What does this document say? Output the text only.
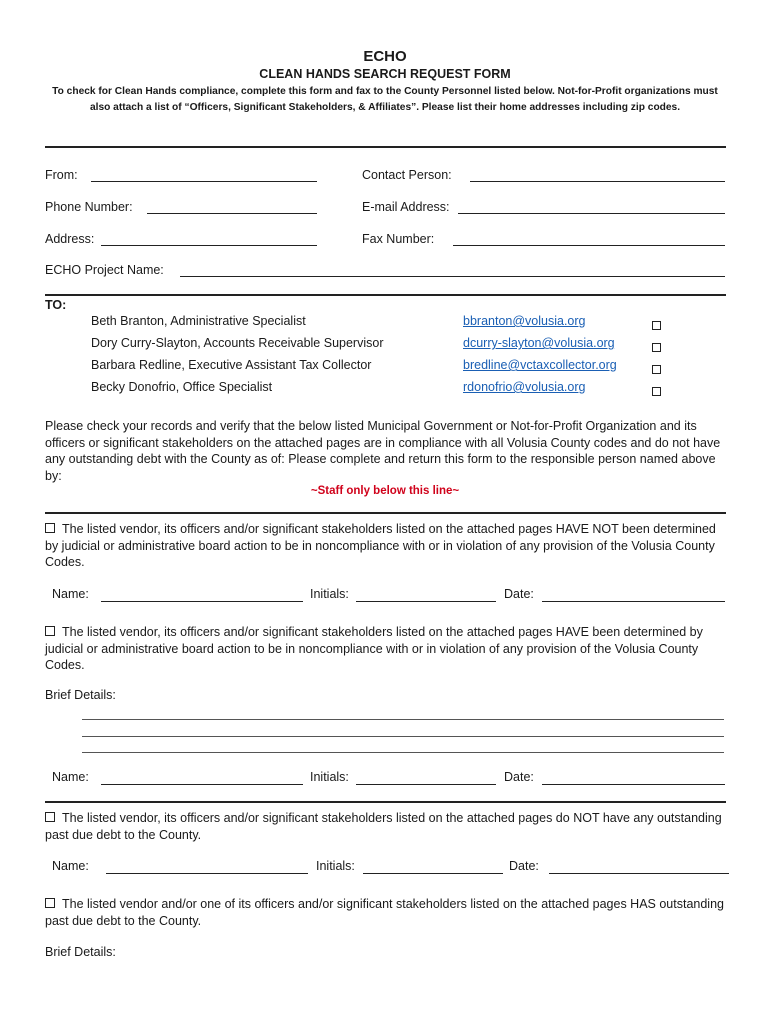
ECHO
CLEAN HANDS SEARCH REQUEST FORM
To check for Clean Hands compliance, complete this form and fax to the County Personnel listed below. Not-for-Profit organizations must also attach a list of “Officers, Significant Stakeholders, & Affiliates”. Please list their home addresses including zip codes.
From:	Contact Person:
Phone Number:	E-mail Address:
Address:	Fax Number:
ECHO Project Name:
TO:
Beth Branton, Administrative Specialist	bbranton@volusia.org
Dory Curry-Slayton, Accounts Receivable Supervisor	dcurry-slayton@volusia.org
Barbara Redline, Executive Assistant Tax Collector	bredline@vctaxcollector.org
Becky Donofrio, Office Specialist	rdonofrio@volusia.org
Please check your records and verify that the below listed Municipal Government or Not-for-Profit Organization and its officers or significant stakeholders on the attached pages are in compliance with all Volusia County codes and do not have any outstanding debt with the County as of: Please complete and return this form to the responsible person named above by:
~Staff only below this line~
The listed vendor, its officers and/or significant stakeholders listed on the attached pages HAVE NOT been determined by judicial or administrative board action to be in noncompliance with or in violation of any provision of the Volusia County Codes.
Name:	Initials:	Date:
The listed vendor, its officers and/or significant stakeholders listed on the attached pages HAVE been determined by judicial or administrative board action to be in noncompliance with or in violation of any provision of the Volusia County Codes.
Brief Details:
Name:	Initials:	Date:
The listed vendor, its officers and/or significant stakeholders listed on the attached pages do NOT have any outstanding past due debt to the County.
Name:	Initials:	Date:
The listed vendor and/or one of its officers and/or significant stakeholders listed on the attached pages HAS outstanding past due debt to the County.
Brief Details:
